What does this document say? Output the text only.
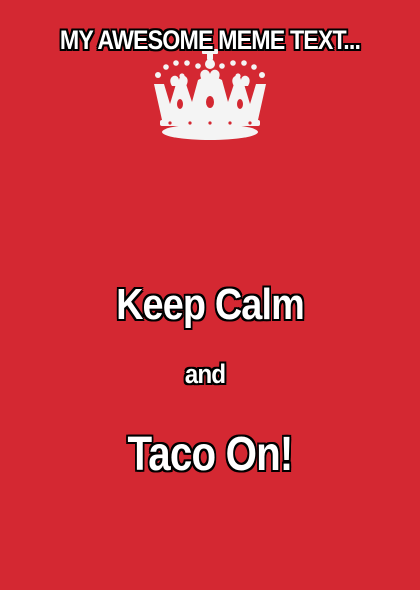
MY AWESOME MEME TEXT...
Keep Calm
and
Taco On!
